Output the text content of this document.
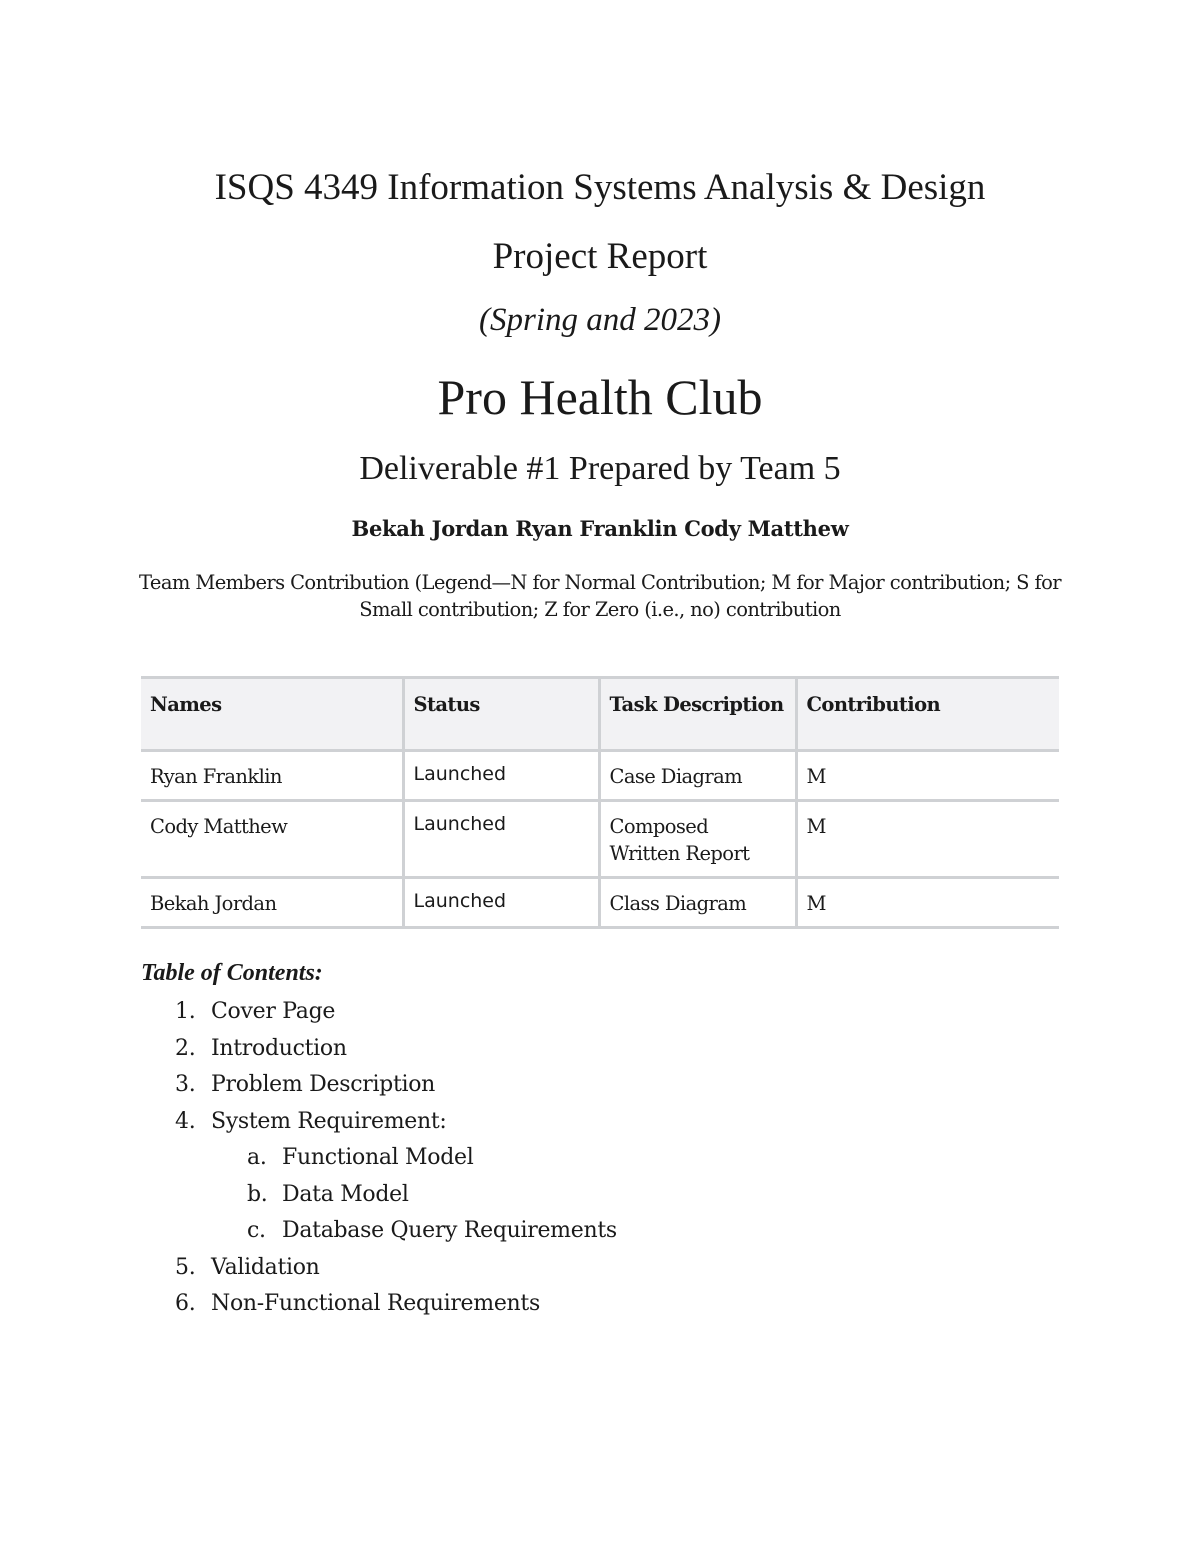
ISQS 4349 Information Systems Analysis & Design
Project Report
(Spring and 2023)
Pro Health Club
Deliverable #1 Prepared by Team 5
Bekah Jordan Ryan Franklin Cody Matthew
Team Members Contribution (Legend—N for Normal Contribution; M for Major contribution; S for Small contribution; Z for Zero (i.e., no) contribution
Names	Status	Task Description	Contribution
Ryan Franklin	Launched	Case Diagram	M
Cody Matthew	Launched	Composed Written Report	M
Bekah Jordan	Launched	Class Diagram	M
Table of Contents:
1. Cover Page
2. Introduction
3. Problem Description
4. System Requirement:
a. Functional Model
b. Data Model
c. Database Query Requirements
5. Validation
6. Non-Functional Requirements
